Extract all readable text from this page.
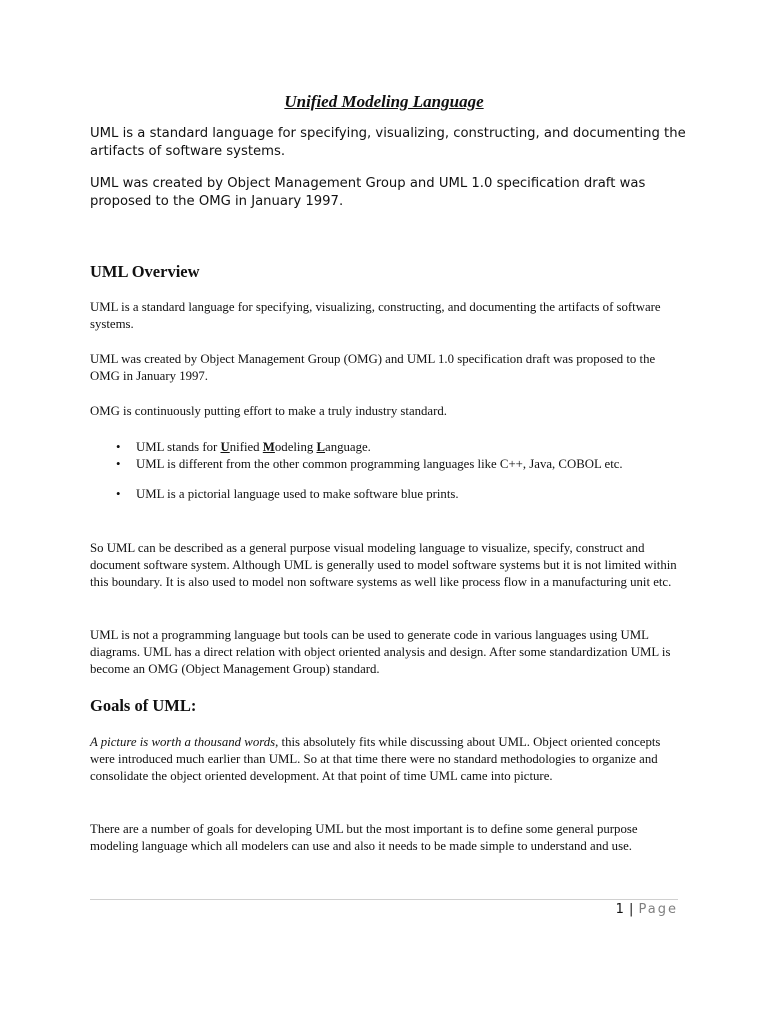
Unified Modeling Language
UML is a standard language for specifying, visualizing, constructing, and documenting the artifacts of software systems.
UML was created by Object Management Group and UML 1.0 specification draft was proposed to the OMG in January 1997.
UML Overview
UML is a standard language for specifying, visualizing, constructing, and documenting the artifacts of software systems.
UML was created by Object Management Group (OMG) and UML 1.0 specification draft was proposed to the OMG in January 1997.
OMG is continuously putting effort to make a truly industry standard.
• UML stands for Unified Modeling Language.
• UML is different from the other common programming languages like C++, Java, COBOL etc.
• UML is a pictorial language used to make software blue prints.
So UML can be described as a general purpose visual modeling language to visualize, specify, construct and document software system. Although UML is generally used to model software systems but it is not limited within this boundary. It is also used to model non software systems as well like process flow in a manufacturing unit etc.
UML is not a programming language but tools can be used to generate code in various languages using UML diagrams. UML has a direct relation with object oriented analysis and design. After some standardization UML is become an OMG (Object Management Group) standard.
Goals of UML:
A picture is worth a thousand words, this absolutely fits while discussing about UML. Object oriented concepts were introduced much earlier than UML. So at that time there were no standard methodologies to organize and consolidate the object oriented development. At that point of time UML came into picture.
There are a number of goals for developing UML but the most important is to define some general purpose modeling language which all modelers can use and also it needs to be made simple to understand and use.
1 | Page
